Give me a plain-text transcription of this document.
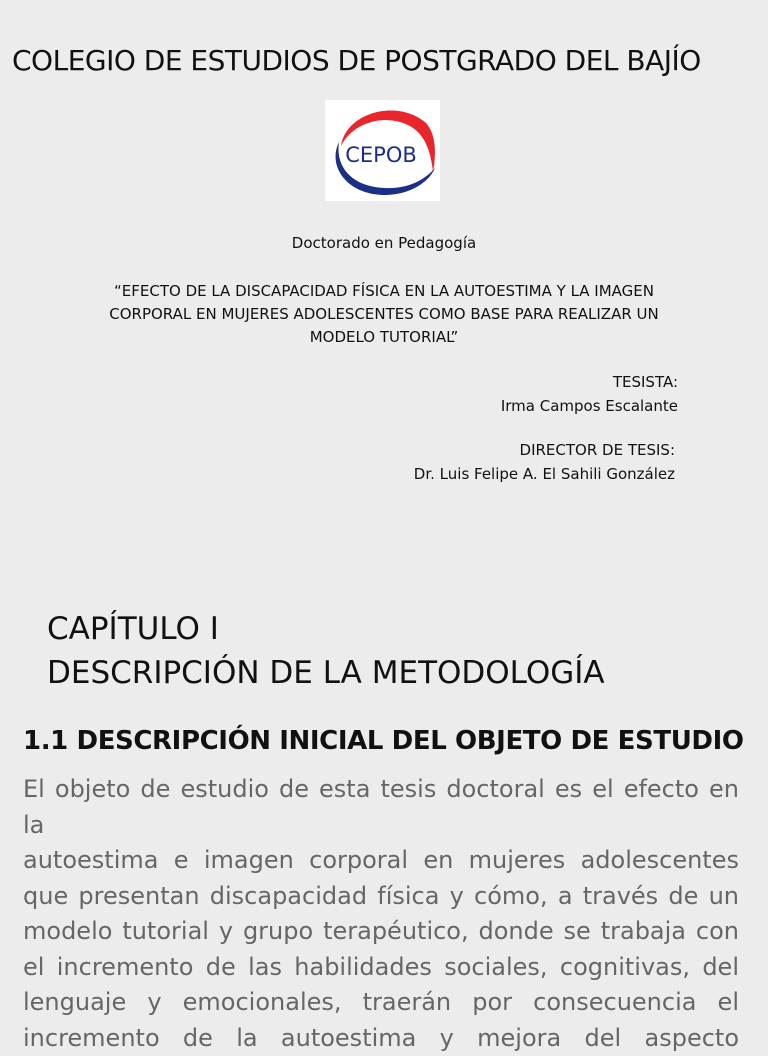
COLEGIO DE ESTUDIOS DE POSTGRADO DEL BAJÍO
CEPOB
Doctorado en Pedagogía
“EFECTO DE LA DISCAPACIDAD FÍSICA EN LA AUTOESTIMA Y LA IMAGEN
CORPORAL EN MUJERES ADOLESCENTES COMO BASE PARA REALIZAR UN
MODELO TUTORIAL”
TESISTA:
Irma Campos Escalante
DIRECTOR DE TESIS:
Dr. Luis Felipe A. El Sahili González
CAPÍTULO I
DESCRIPCIÓN DE LA METODOLOGÍA
1.1 DESCRIPCIÓN INICIAL DEL OBJETO DE ESTUDIO
El objeto de estudio de esta tesis doctoral es el efecto en la
autoestima e imagen corporal en mujeres adolescentes
que presentan discapacidad física y cómo, a través de un
modelo tutorial y grupo terapéutico, donde se trabaja con
el incremento de las habilidades sociales, cognitivas, del
lenguaje y emocionales, traerán por consecuencia el
incremento de la autoestima y mejora del aspecto
